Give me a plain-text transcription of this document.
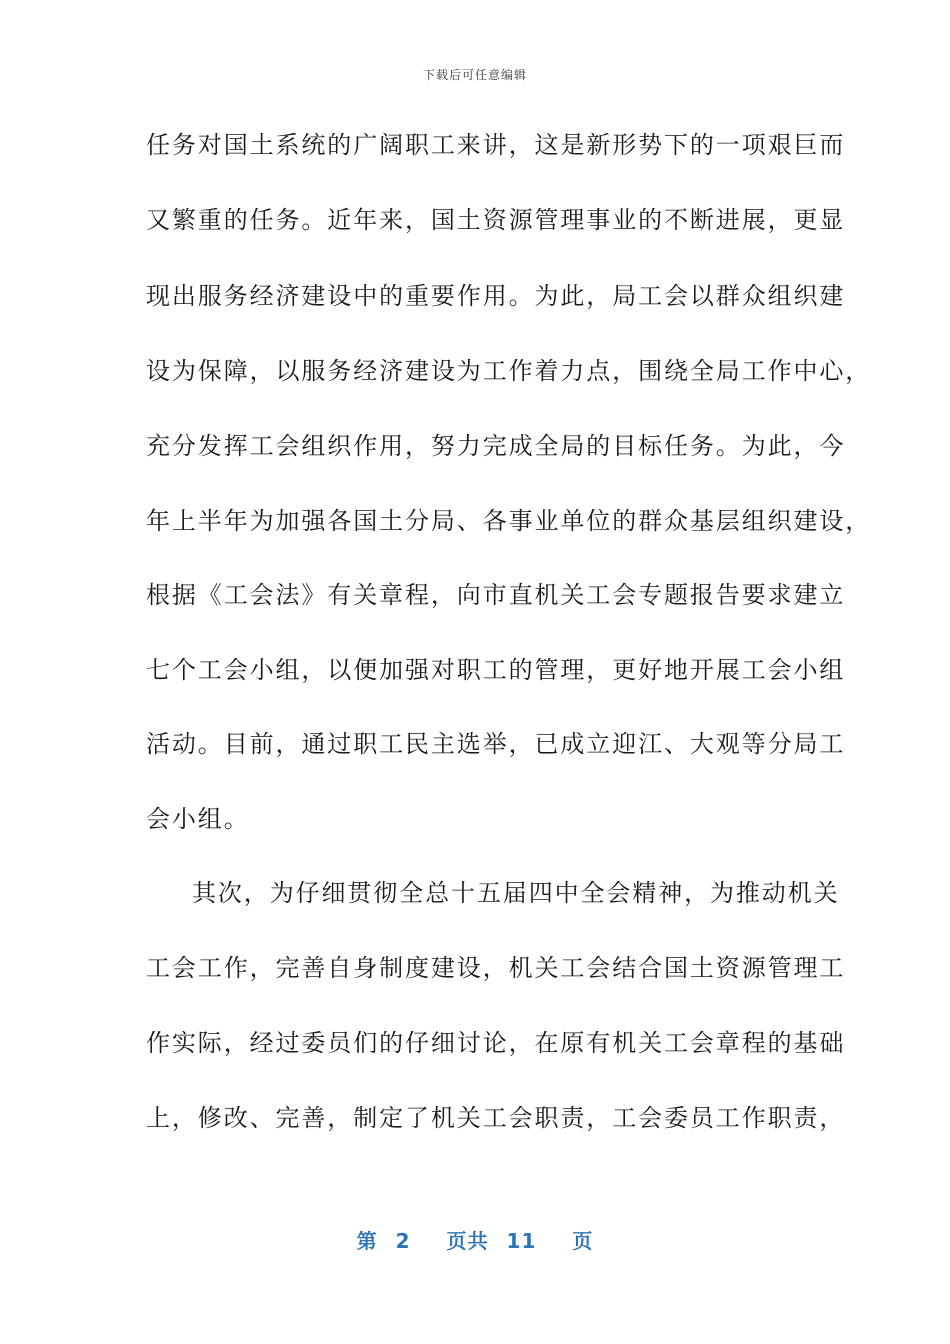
下载后可任意编辑
任务对国土系统的广阔职工来讲，这是新形势下的一项艰巨而
又繁重的任务。近年来，国土资源管理事业的不断进展，更显
现出服务经济建设中的重要作用。为此，局工会以群众组织建
设为保障，以服务经济建设为工作着力点，围绕全局工作中心，
充分发挥工会组织作用，努力完成全局的目标任务。为此，今
年上半年为加强各国土分局、各事业单位的群众基层组织建设，
根据《工会法》有关章程，向市直机关工会专题报告要求建立
七个工会小组，以便加强对职工的管理，更好地开展工会小组
活动。目前，通过职工民主选举，已成立迎江、大观等分局工
会小组。
其次，为仔细贯彻全总十五届四中全会精神，为推动机关
工会工作，完善自身制度建设，机关工会结合国土资源管理工
作实际，经过委员们的仔细讨论，在原有机关工会章程的基础
上，修改、完善，制定了机关工会职责，工会委员工作职责，
第 2 页共 11 页
